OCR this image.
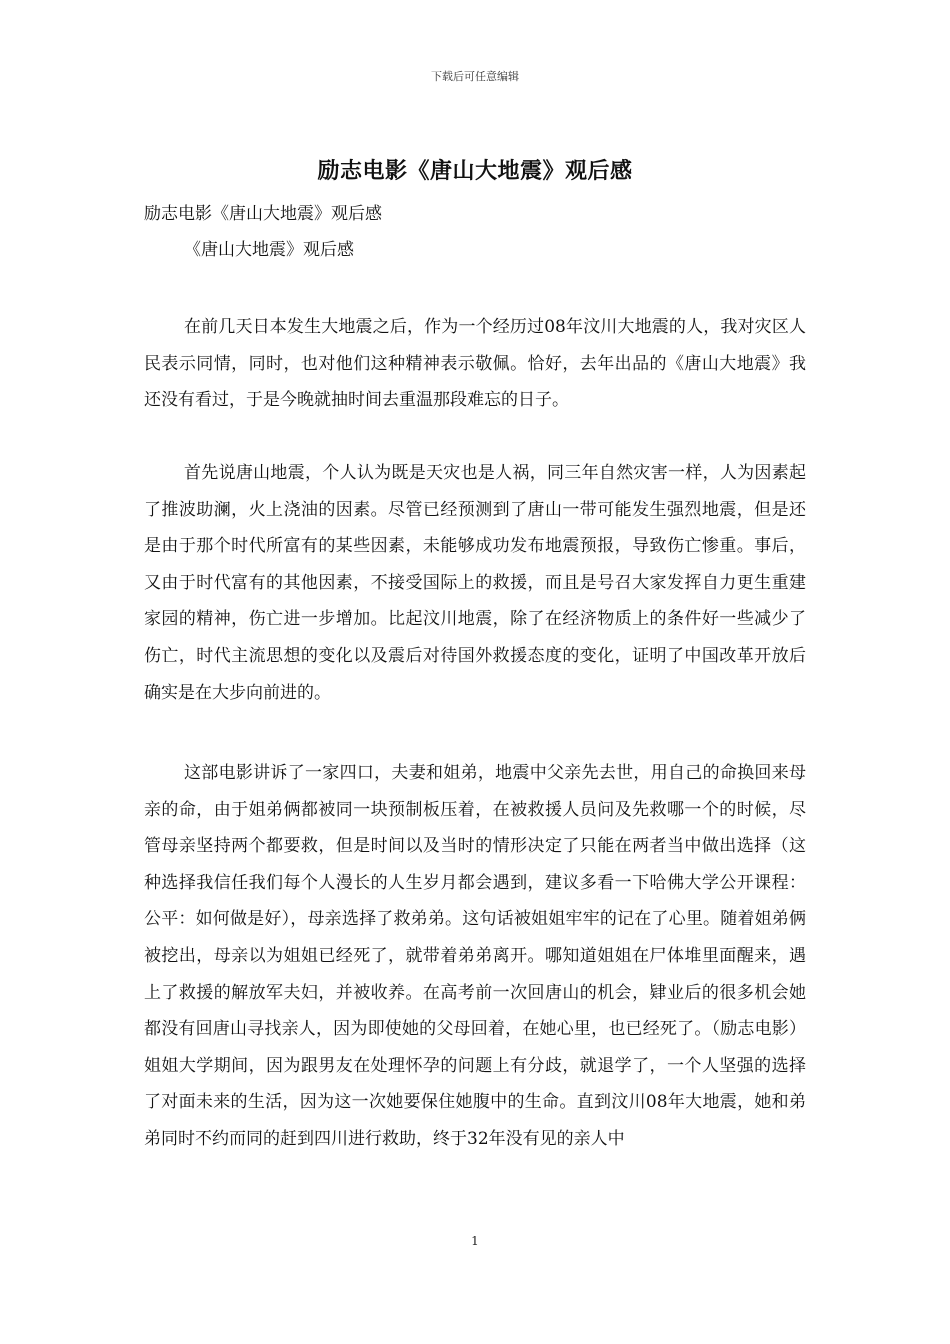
下载后可任意编辑
励志电影《唐山大地震》观后感
励志电影《唐山大地震》观后感
《唐山大地震》观后感

在前几天日本发生大地震之后，作为一个经历过08年汶川大地震的人，我对灾区人民表示同情，同时，也对他们这种精神表示敬佩。恰好，去年出品的《唐山大地震》我还没有看过，于是今晚就抽时间去重温那段难忘的日子。

首先说唐山地震，个人认为既是天灾也是人祸，同三年自然灾害一样，人为因素起了推波助澜，火上浇油的因素。尽管已经预测到了唐山一带可能发生强烈地震，但是还是由于那个时代所富有的某些因素，未能够成功发布地震预报，导致伤亡惨重。事后，又由于时代富有的其他因素，不接受国际上的救援，而且是号召大家发挥自力更生重建家园的精神，伤亡进一步增加。比起汶川地震，除了在经济物质上的条件好一些减少了伤亡，时代主流思想的变化以及震后对待国外救援态度的变化，证明了中国改革开放后确实是在大步向前进的。

这部电影讲诉了一家四口，夫妻和姐弟，地震中父亲先去世，用自己的命换回来母亲的命，由于姐弟俩都被同一块预制板压着，在被救援人员问及先救哪一个的时候，尽管母亲坚持两个都要救，但是时间以及当时的情形决定了只能在两者当中做出选择（这种选择我信任我们每个人漫长的人生岁月都会遇到，建议多看一下哈佛大学公开课程：公平：如何做是好），母亲选择了救弟弟。这句话被姐姐牢牢的记在了心里。随着姐弟俩被挖出，母亲以为姐姐已经死了，就带着弟弟离开。哪知道姐姐在尸体堆里面醒来，遇上了救援的解放军夫妇，并被收养。在高考前一次回唐山的机会，肄业后的很多机会她都没有回唐山寻找亲人，因为即使她的父母回着，在她心里，也已经死了。（励志电影）姐姐大学期间，因为跟男友在处理怀孕的问题上有分歧，就退学了，一个人坚强的选择了对面未来的生活，因为这一次她要保住她腹中的生命。直到汶川08年大地震，她和弟弟同时不约而同的赶到四川进行救助，终于32年没有见的亲人中

1
